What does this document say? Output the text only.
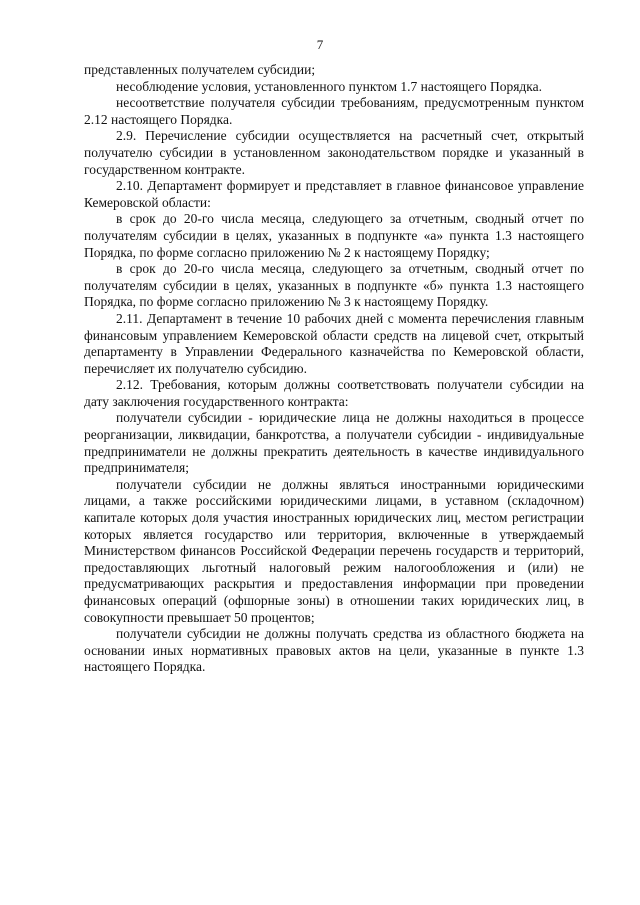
7

представленных получателем субсидии;

несоблюдение условия, установленного пунктом 1.7 настоящего Порядка.

несоответствие получателя субсидии требованиям, предусмотренным пунктом 2.12 настоящего Порядка.

2.9. Перечисление субсидии осуществляется на расчетный счет, открытый получателю субсидии в установленном законодательством порядке и указанный в государственном контракте.

2.10. Департамент формирует и представляет в главное финансовое управление Кемеровской области:

в срок до 20-го числа месяца, следующего за отчетным, сводный отчет по получателям субсидии в целях, указанных в подпункте «а» пункта 1.3 настоящего Порядка, по форме согласно приложению № 2 к настоящему Порядку;

в срок до 20-го числа месяца, следующего за отчетным, сводный отчет по получателям субсидии в целях, указанных в подпункте «б» пункта 1.3 настоящего Порядка, по форме согласно приложению № 3 к настоящему Порядку.

2.11. Департамент в течение 10 рабочих дней с момента перечисления главным финансовым управлением Кемеровской области средств на лицевой счет, открытый департаменту в Управлении Федерального казначейства по Кемеровской области, перечисляет их получателю субсидию.

2.12. Требования, которым должны соответствовать получатели субсидии на дату заключения государственного контракта:

получатели субсидии - юридические лица не должны находиться в процессе реорганизации, ликвидации, банкротства, а получатели субсидии - индивидуальные предприниматели не должны прекратить деятельность в качестве индивидуального предпринимателя;

получатели субсидии не должны являться иностранными юридическими лицами, а также российскими юридическими лицами, в уставном (складочном) капитале которых доля участия иностранных юридических лиц, местом регистрации которых является государство или территория, включенные в утверждаемый Министерством финансов Российской Федерации перечень государств и территорий, предоставляющих льготный налоговый режим налогообложения и (или) не предусматривающих раскрытия и предоставления информации при проведении финансовых операций (офшорные зоны) в отношении таких юридических лиц, в совокупности превышает 50 процентов;

получатели субсидии не должны получать средства из областного бюджета на основании иных нормативных правовых актов на цели, указанные в пункте 1.3 настоящего Порядка.
